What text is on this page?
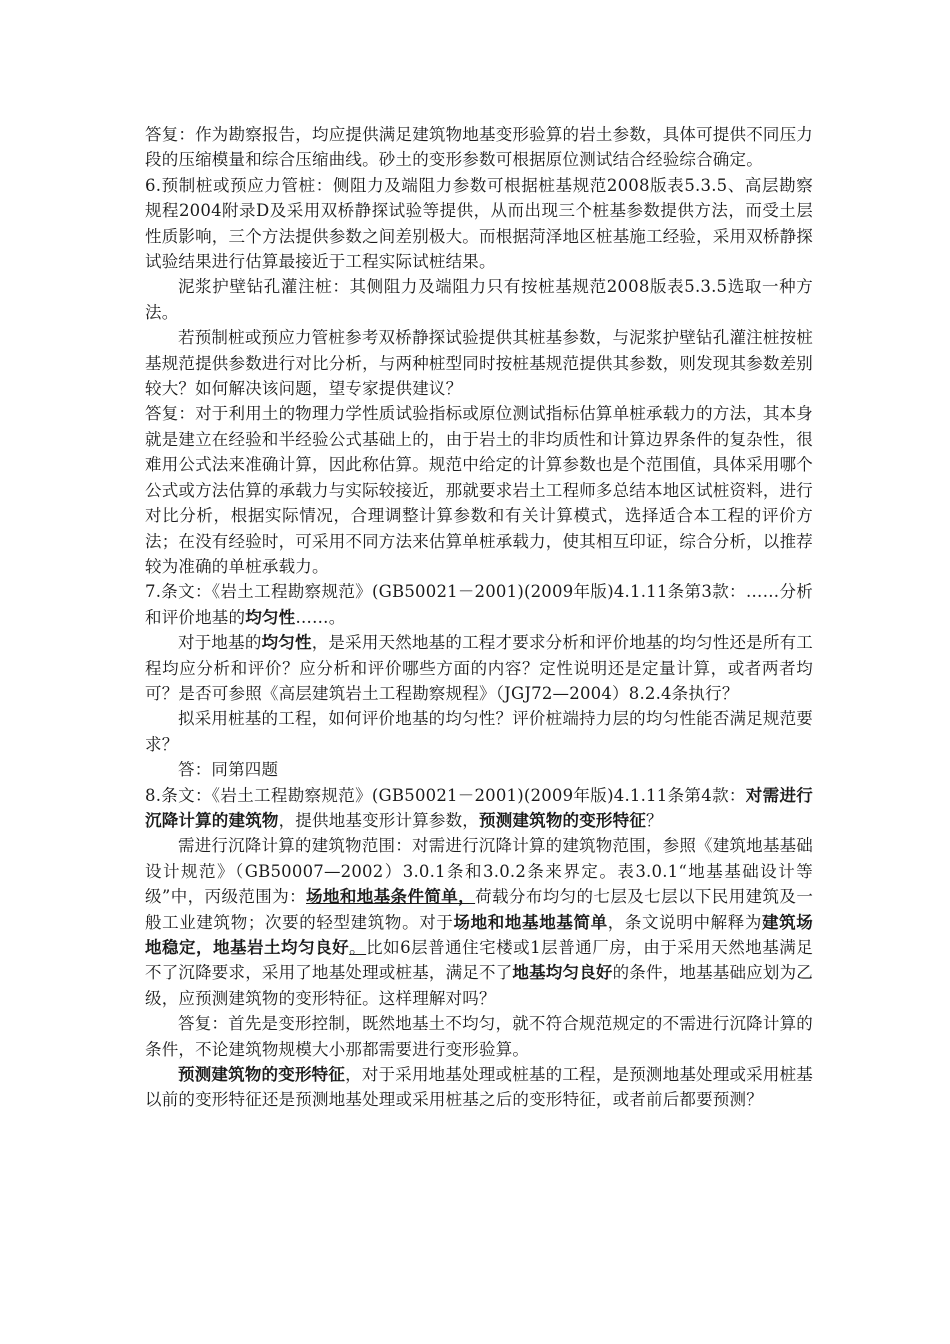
答复：作为勘察报告，均应提供满足建筑物地基变形验算的岩土参数，具体可提供不同压力段的压缩模量和综合压缩曲线。砂土的变形参数可根据原位测试结合经验综合确定。

6.预制桩或预应力管桩：侧阻力及端阻力参数可根据桩基规范2008版表5.3.5、高层勘察规程2004附录D及采用双桥静探试验等提供，从而出现三个桩基参数提供方法，而受土层性质影响，三个方法提供参数之间差别极大。而根据菏泽地区桩基施工经验，采用双桥静探试验结果进行估算最接近于工程实际试桩结果。

泥浆护壁钻孔灌注桩：其侧阻力及端阻力只有按桩基规范2008版表5.3.5选取一种方法。

若预制桩或预应力管桩参考双桥静探试验提供其桩基参数，与泥浆护壁钻孔灌注桩按桩基规范提供参数进行对比分析，与两种桩型同时按桩基规范提供其参数，则发现其参数差别较大？如何解决该问题，望专家提供建议？

答复：对于利用土的物理力学性质试验指标或原位测试指标估算单桩承载力的方法，其本身就是建立在经验和半经验公式基础上的，由于岩土的非均质性和计算边界条件的复杂性，很难用公式法来准确计算，因此称估算。规范中给定的计算参数也是个范围值，具体采用哪个公式或方法估算的承载力与实际较接近，那就要求岩土工程师多总结本地区试桩资料，进行对比分析，根据实际情况，合理调整计算参数和有关计算模式，选择适合本工程的评价方法；在没有经验时，可采用不同方法来估算单桩承载力，使其相互印证，综合分析，以推荐较为准确的单桩承载力。

7.条文：《岩土工程勘察规范》(GB50021－2001)(2009年版)4.1.11条第3款：……分析和评价地基的均匀性……。

对于地基的均匀性，是采用天然地基的工程才要求分析和评价地基的均匀性还是所有工程均应分析和评价？应分析和评价哪些方面的内容？定性说明还是定量计算，或者两者均可？是否可参照《高层建筑岩土工程勘察规程》（JGJ72—2004）8.2.4条执行？

拟采用桩基的工程，如何评价地基的均匀性？评价桩端持力层的均匀性能否满足规范要求？

答：同第四题

8.条文：《岩土工程勘察规范》(GB50021－2001)(2009年版)4.1.11条第4款：对需进行沉降计算的建筑物，提供地基变形计算参数，预测建筑物的变形特征？

需进行沉降计算的建筑物范围：对需进行沉降计算的建筑物范围，参照《建筑地基基础设计规范》（GB50007—2002）3.0.1条和3.0.2条来界定。表3.0.1“地基基础设计等级”中，丙级范围为：场地和地基条件简单，荷载分布均匀的七层及七层以下民用建筑及一般工业建筑物；次要的轻型建筑物。对于场地和地基地基简单，条文说明中解释为建筑场地稳定，地基岩土均匀良好。比如6层普通住宅楼或1层普通厂房，由于采用天然地基满足不了沉降要求，采用了地基处理或桩基，满足不了地基均匀良好的条件，地基基础应划为乙级，应预测建筑物的变形特征。这样理解对吗？

答复：首先是变形控制，既然地基土不均匀，就不符合规范规定的不需进行沉降计算的条件，不论建筑物规模大小那都需要进行变形验算。

预测建筑物的变形特征，对于采用地基处理或桩基的工程，是预测地基处理或采用桩基以前的变形特征还是预测地基处理或采用桩基之后的变形特征，或者前后都要预测？
